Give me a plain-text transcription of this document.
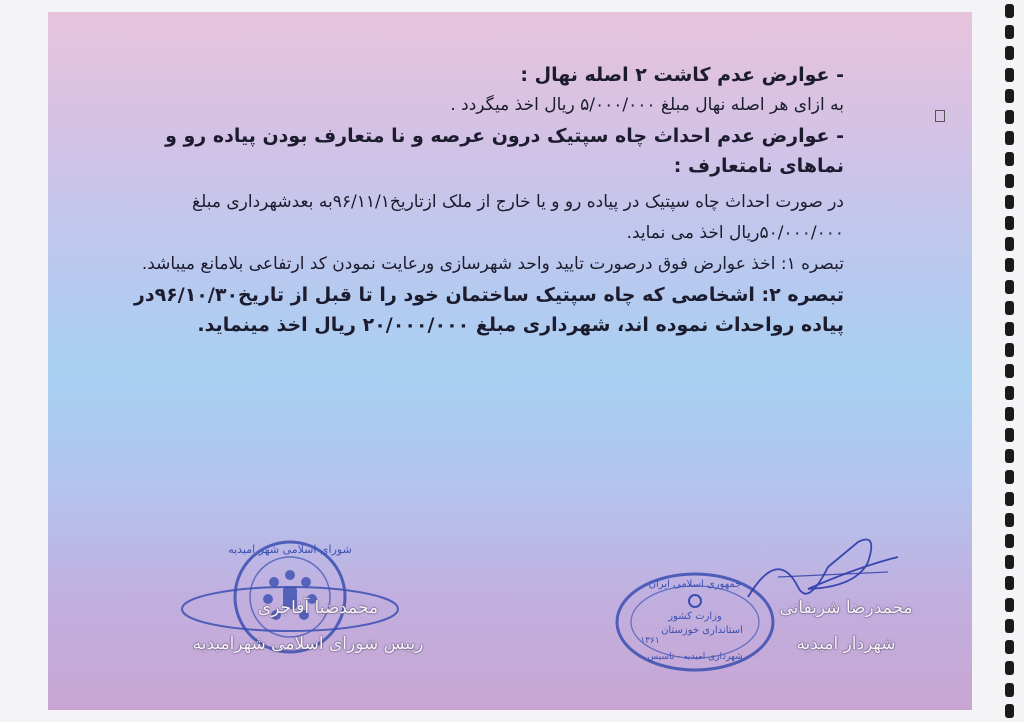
- عوارض عدم کاشت ۲ اصله نهال :

به ازای هر اصله نهال مبلغ ۵/۰۰۰/۰۰۰ ریال اخذ میگردد .

- عوارض عدم احداث چاه سپتیک درون عرصه و نا متعارف بودن پیاده رو و نماهای نامتعارف :

در صورت احداث چاه سپتیک در پیاده رو و یا خارج از ملک ازتاریخ۹۶/۱۱/۱به بعدشهرداری مبلغ ۵۰/۰۰۰/۰۰۰ریال اخذ می نماید.

تبصره ۱: اخذ عوارض فوق درصورت تایید واحد شهرسازی ورعایت نمودن کد ارتفاعی بلامانع میباشد.

تبصره ۲: اشخاصی که چاه سپتیک ساختمان خود را تا قبل از تاریخ۹۶/۱۰/۳۰در پیاده رواحداث نموده اند، شهرداری مبلغ ۲۰/۰۰۰/۰۰۰ ریال اخذ مینماید.

شورای اسلامی شهر امیدیه
جمهوری اسلامی ایران
وزارت کشور
استانداری خوزستان
۱۳۶۱
شهرداری امیدیه - تاسیس
محمدرضا شریفانی
شهردار امیدیه
محمدضیا آقاجری
رییس شورای اسلامی شهرامیدیه
